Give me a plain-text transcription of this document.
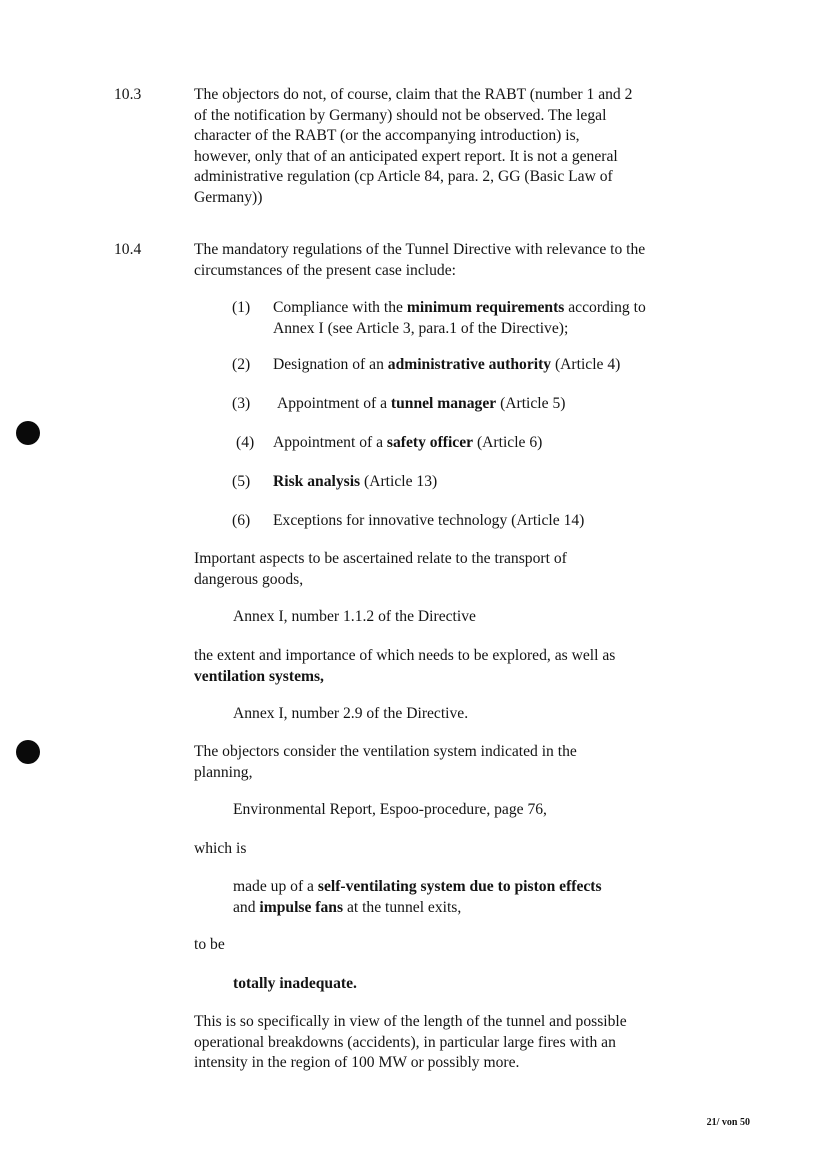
10.3	The objectors do not, of course, claim that the RABT (number 1 and 2 of the notification by Germany) should not be observed. The legal character of the RABT (or the accompanying introduction) is, however, only that of an anticipated expert report. It is not a general administrative regulation (cp Article 84, para. 2, GG (Basic Law of Germany))

10.4	The mandatory regulations of the Tunnel Directive with relevance to the circumstances of the present case include:

(1)	Compliance with the minimum requirements according to Annex I (see Article 3, para.1 of the Directive);

(2)	Designation of an administrative authority (Article 4)

(3)	Appointment of a tunnel manager (Article 5)

(4)	Appointment of a safety officer (Article 6)

(5)	Risk analysis (Article 13)

(6)	Exceptions for innovative technology (Article 14)

Important aspects to be ascertained relate to the transport of dangerous goods,

Annex I, number 1.1.2 of the Directive

the extent and importance of which needs to be explored, as well as ventilation systems,

Annex I, number 2.9 of the Directive.

The objectors consider the ventilation system indicated in the planning,

Environmental Report, Espoo-procedure, page 76,

which is

made up of a self-ventilating system due to piston effects and impulse fans at the tunnel exits,

to be

totally inadequate.

This is so specifically in view of the length of the tunnel and possible operational breakdowns (accidents), in particular large fires with an intensity in the region of 100 MW or possibly more.

21/ von 50
